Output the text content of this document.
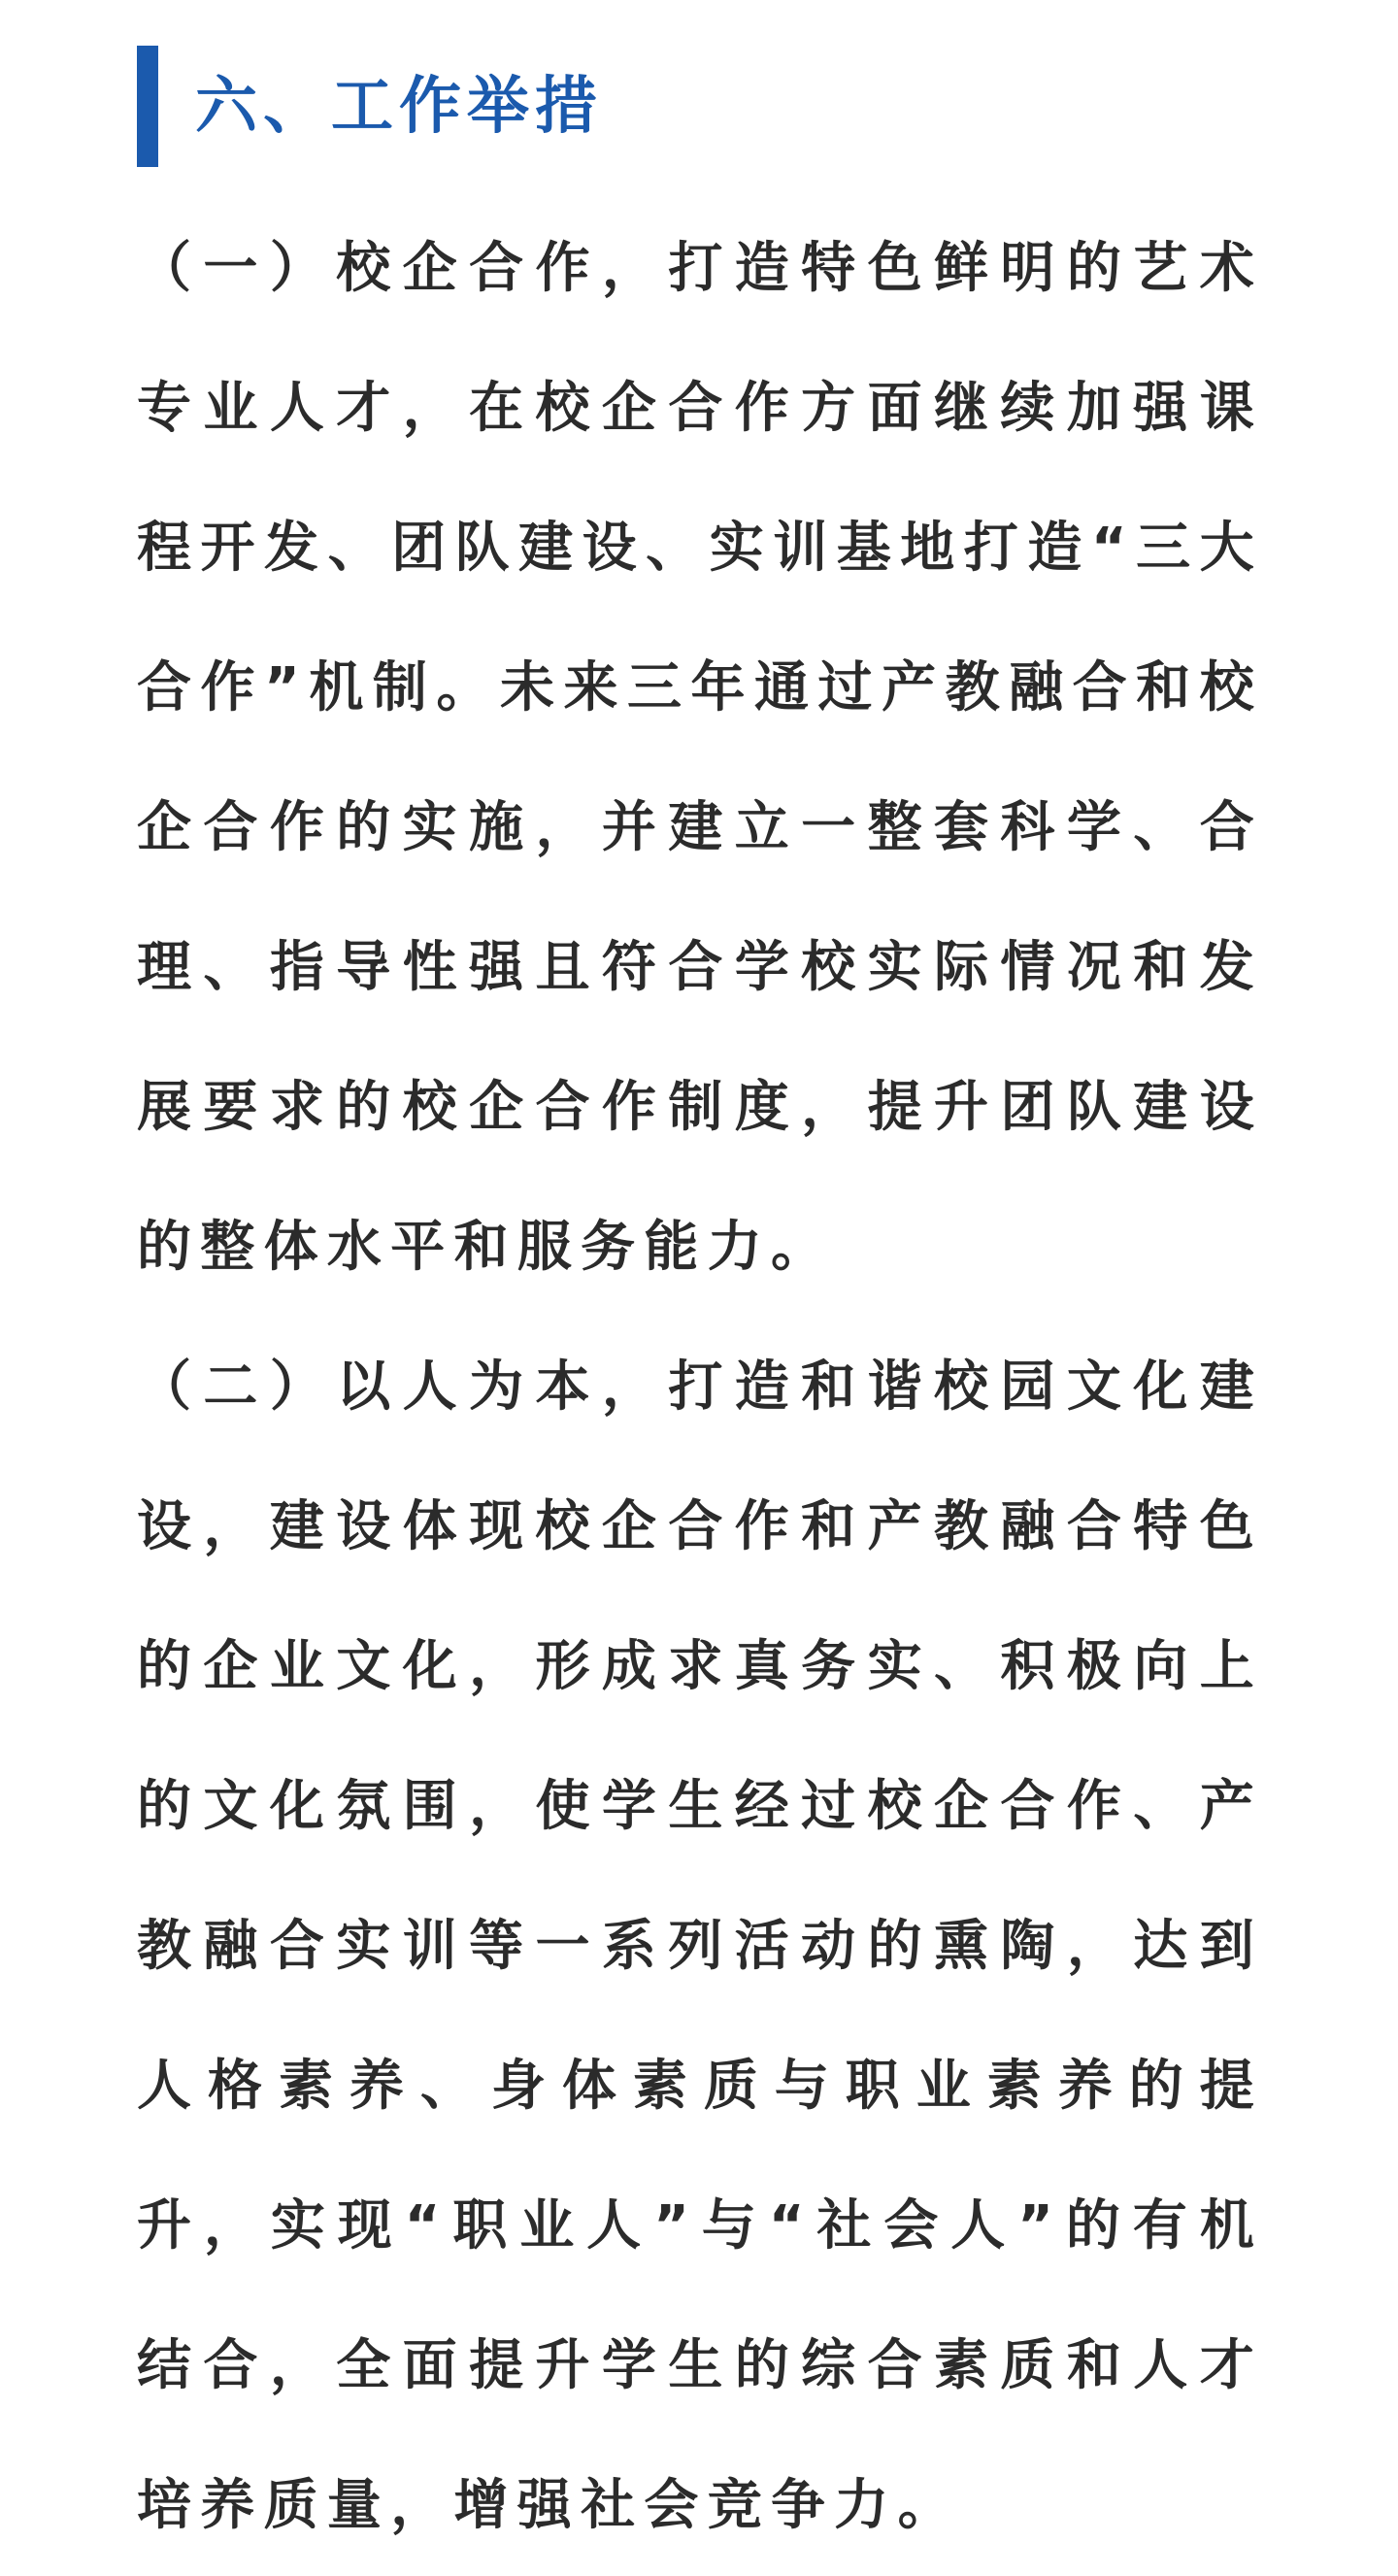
六、工作举措

（一）校企合作，打造特色鲜明的艺术专业人才，在校企合作方面继续加强课程开发、团队建设、实训基地打造“三大合作”机制。未来三年通过产教融合和校企合作的实施，并建立一整套科学、合理、指导性强且符合学校实际情况和发展要求的校企合作制度，提升团队建设的整体水平和服务能力。

（二）以人为本，打造和谐校园文化建设，建设体现校企合作和产教融合特色的企业文化，形成求真务实、积极向上的文化氛围，使学生经过校企合作、产教融合实训等一系列活动的熏陶，达到人格素养、身体素质与职业素养的提升，实现“职业人”与“社会人”的有机结合，全面提升学生的综合素质和人才培养质量，增强社会竞争力。
